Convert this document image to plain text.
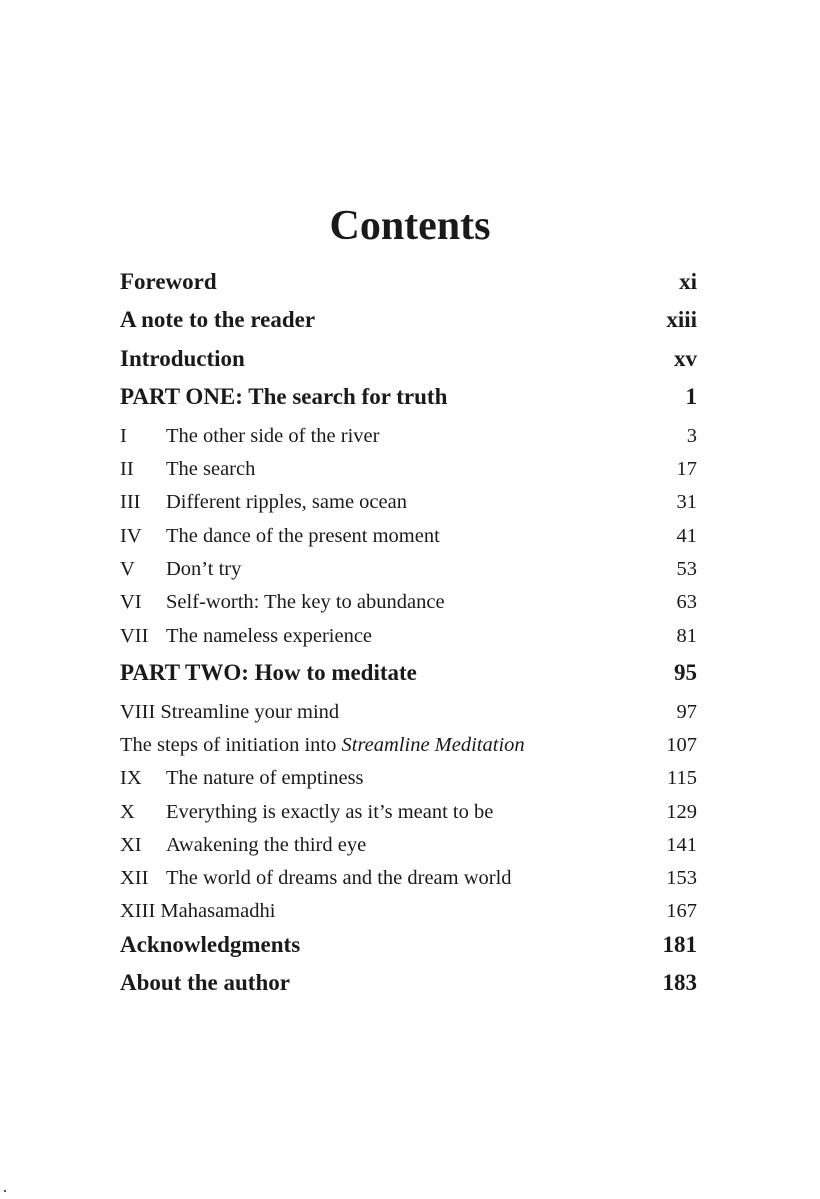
Contents
Foreword	xi
A note to the reader	xiii
Introduction	xv
PART ONE: The search for truth	1
I	The other side of the river	3
II	The search	17
III	Different ripples, same ocean	31
IV	The dance of the present moment	41
V	Don’t try	53
VI	Self-worth: The key to abundance	63
VII The nameless experience	81
PART TWO: How to meditate	95
VIII Streamline your mind	97
The steps of initiation into Streamline Meditation	107
IX	The nature of emptiness	115
X	Everything is exactly as it’s meant to be	129
XI	Awakening the third eye	141
XII The world of dreams and the dream world	153
XIII Mahasamadhi	167
Acknowledgments	181
About the author	183
